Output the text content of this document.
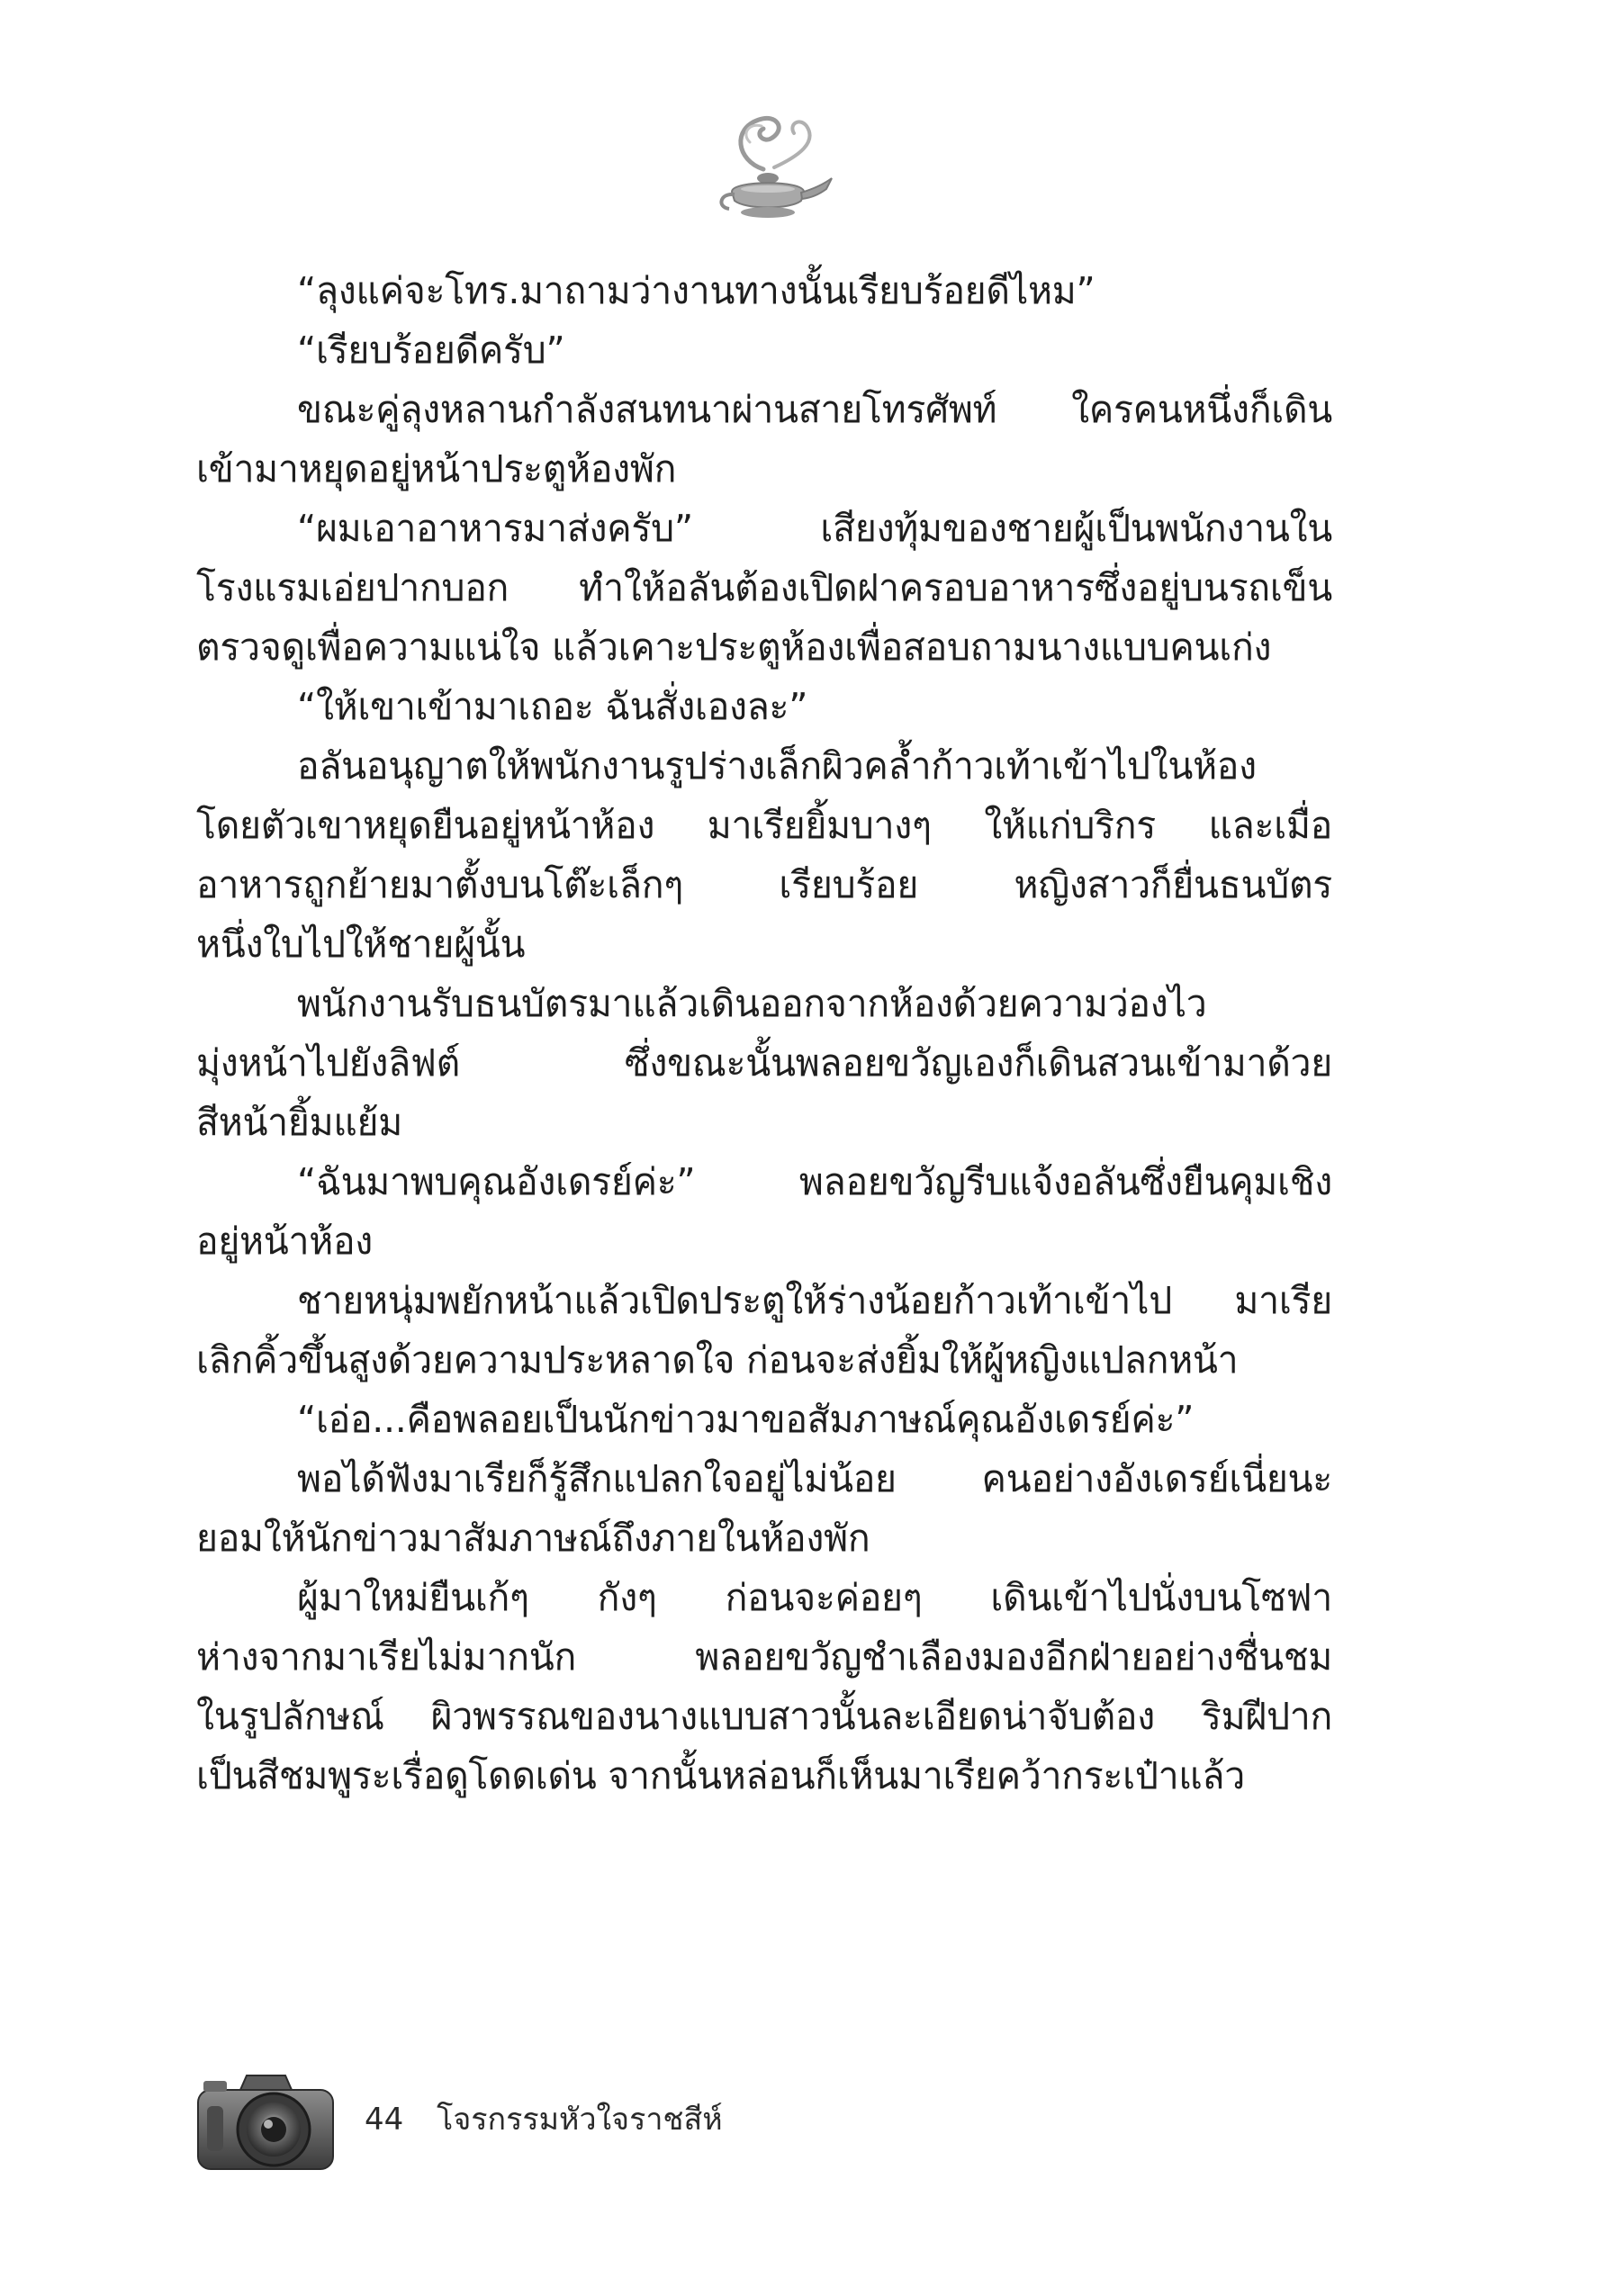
“ลุงแค่จะโทร.มาถามว่างานทางนั้นเรียบร้อยดีไหม”
“เรียบร้อยดีครับ”
ขณะคู่ลุงหลานกำลังสนทนาผ่านสายโทรศัพท์ ใครคนหนึ่งก็เดิน
เข้ามาหยุดอยู่หน้าประตูห้องพัก
“ผมเอาอาหารมาส่งครับ” เสียงทุ้มของชายผู้เป็นพนักงานใน
โรงแรมเอ่ยปากบอก ทำให้อลันต้องเปิดฝาครอบอาหารซึ่งอยู่บนรถเข็น
ตรวจดูเพื่อความแน่ใจ แล้วเคาะประตูห้องเพื่อสอบถามนางแบบคนเก่ง
“ให้เขาเข้ามาเถอะ ฉันสั่งเองละ”
อลันอนุญาตให้พนักงานรูปร่างเล็กผิวคล้ำก้าวเท้าเข้าไปในห้อง
โดยตัวเขาหยุดยืนอยู่หน้าห้อง มาเรียยิ้มบางๆ ให้แก่บริกร และเมื่อ
อาหารถูกย้ายมาตั้งบนโต๊ะเล็กๆ เรียบร้อย หญิงสาวก็ยื่นธนบัตร
หนึ่งใบไปให้ชายผู้นั้น
พนักงานรับธนบัตรมาแล้วเดินออกจากห้องด้วยความว่องไว
มุ่งหน้าไปยังลิฟต์ ซึ่งขณะนั้นพลอยขวัญเองก็เดินสวนเข้ามาด้วย
สีหน้ายิ้มแย้ม
“ฉันมาพบคุณอังเดรย์ค่ะ” พลอยขวัญรีบแจ้งอลันซึ่งยืนคุมเชิง
อยู่หน้าห้อง
ชายหนุ่มพยักหน้าแล้วเปิดประตูให้ร่างน้อยก้าวเท้าเข้าไป มาเรีย
เลิกคิ้วขึ้นสูงด้วยความประหลาดใจ ก่อนจะส่งยิ้มให้ผู้หญิงแปลกหน้า
“เอ่อ...คือพลอยเป็นนักข่าวมาขอสัมภาษณ์คุณอังเดรย์ค่ะ”
พอได้ฟังมาเรียก็รู้สึกแปลกใจอยู่ไม่น้อย คนอย่างอังเดรย์เนี่ยนะ
ยอมให้นักข่าวมาสัมภาษณ์ถึงภายในห้องพัก
ผู้มาใหม่ยืนเก้ๆ กังๆ ก่อนจะค่อยๆ เดินเข้าไปนั่งบนโซฟา
ห่างจากมาเรียไม่มากนัก พลอยขวัญชำเลืองมองอีกฝ่ายอย่างชื่นชม
ในรูปลักษณ์ ผิวพรรณของนางแบบสาวนั้นละเอียดน่าจับต้อง ริมฝีปาก
เป็นสีชมพูระเรื่อดูโดดเด่น จากนั้นหล่อนก็เห็นมาเรียคว้ากระเป๋าแล้ว
44 โจรกรรมหัวใจราชสีห์
